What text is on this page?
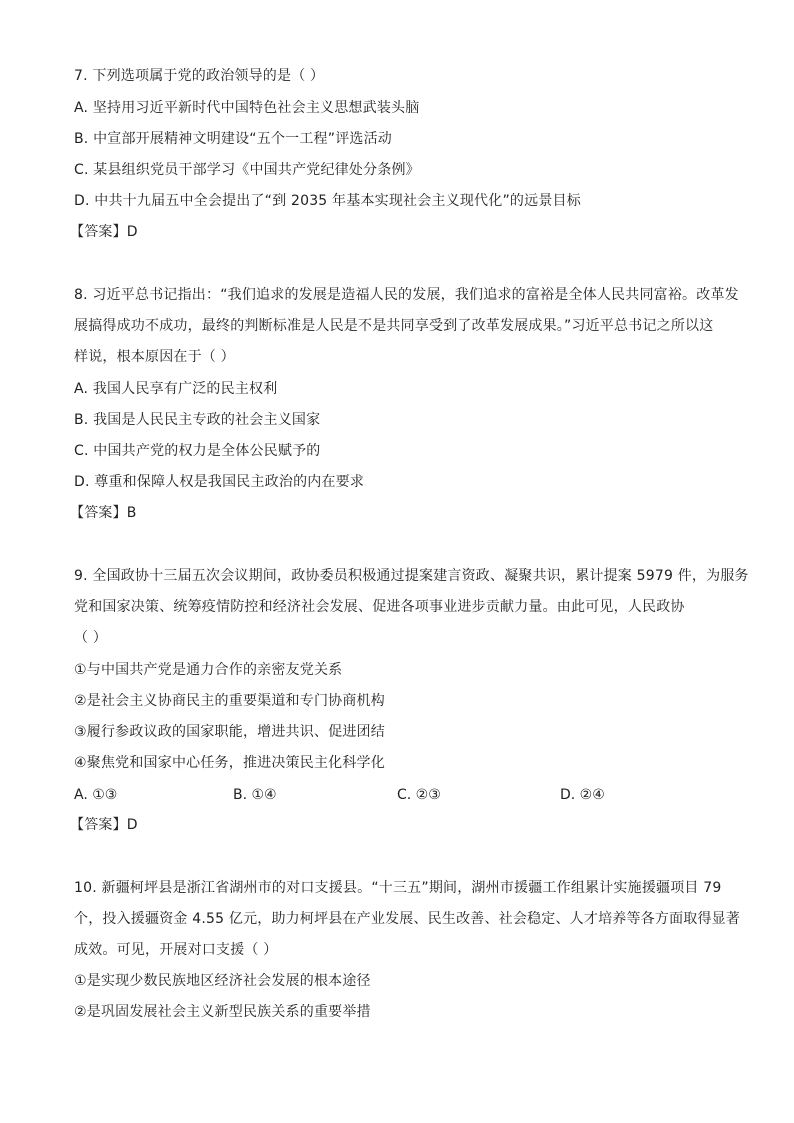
7. 下列选项属于党的政治领导的是（ ）
A. 坚持用习近平新时代中国特色社会主义思想武装头脑
B. 中宣部开展精神文明建设“五个一工程”评选活动
C. 某县组织党员干部学习《中国共产党纪律处分条例》
D. 中共十九届五中全会提出了“到 2035 年基本实现社会主义现代化”的远景目标
【答案】D
8. 习近平总书记指出：“我们追求的发展是造福人民的发展，我们追求的富裕是全体人民共同富裕。改革发
展搞得成功不成功，最终的判断标准是人民是不是共同享受到了改革发展成果。”习近平总书记之所以这
样说，根本原因在于（ ）
A. 我国人民享有广泛的民主权利
B. 我国是人民民主专政的社会主义国家
C. 中国共产党的权力是全体公民赋予的
D. 尊重和保障人权是我国民主政治的内在要求
【答案】B
9. 全国政协十三届五次会议期间，政协委员积极通过提案建言资政、凝聚共识，累计提案 5979 件，为服务
党和国家决策、统筹疫情防控和经济社会发展、促进各项事业进步贡献力量。由此可见，人民政协
（ ）
①与中国共产党是通力合作的亲密友党关系
②是社会主义协商民主的重要渠道和专门协商机构
③履行参政议政的国家职能，增进共识、促进团结
④聚焦党和国家中心任务，推进决策民主化科学化
A. ①③	B. ①④	C. ②③	D. ②④
【答案】D
10. 新疆柯坪县是浙江省湖州市的对口支援县。“十三五”期间，湖州市援疆工作组累计实施援疆项目 79
个，投入援疆资金 4.55 亿元，助力柯坪县在产业发展、民生改善、社会稳定、人才培养等各方面取得显著
成效。可见，开展对口支援（ ）
①是实现少数民族地区经济社会发展的根本途径
②是巩固发展社会主义新型民族关系的重要举措
